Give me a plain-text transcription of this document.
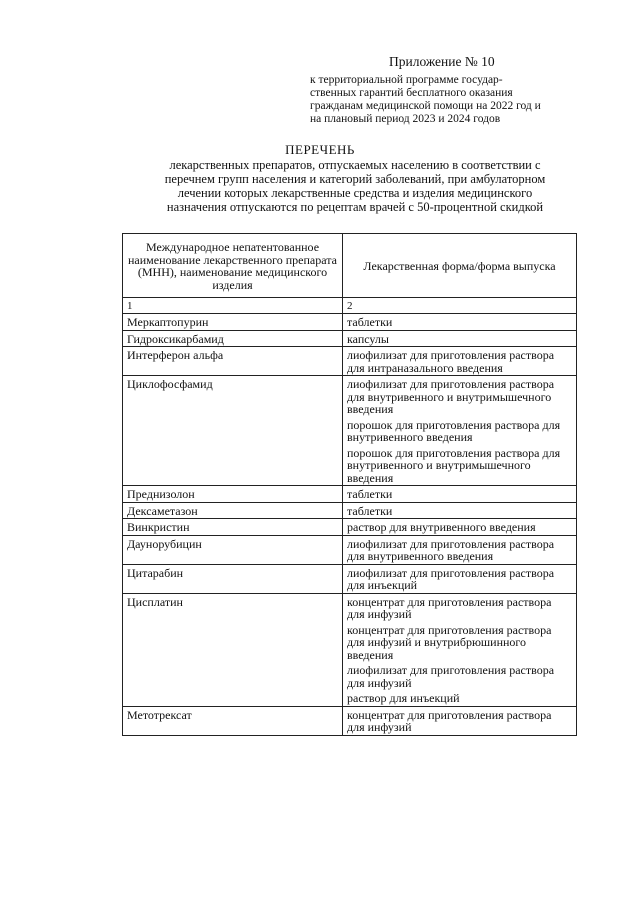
Приложение № 10
к территориальной программе государ-
ственных гарантий бесплатного оказания
гражданам медицинской помощи на 2022 год и
на плановый период 2023 и 2024 годов
ПЕРЕЧЕНЬ
лекарственных препаратов, отпускаемых населению в соответствии с
перечнем групп населения и категорий заболеваний, при амбулаторном
лечении которых лекарственные средства и изделия медицинского
назначения отпускаются по рецептам врачей с 50-процентной скидкой
Международное непатентованное наименование лекарственного препарата (МНН), наименование медицинского изделия	Лекарственная форма/форма выпуска
1	2
Меркаптопурин	таблетки

Гидроксикарбамид	капсулы

Интерферон альфа	лиофилизат для приготовления раствора для интраназального введения

Циклофосфамид	лиофилизат для приготовления раствора для внутривенного и внутримышечного введения
порошок для приготовления раствора для внутривенного введения
порошок для приготовления раствора для внутривенного и внутримышечного введения

Преднизолон	таблетки

Дексаметазон	таблетки

Винкристин	раствор для внутривенного введения

Даунорубицин	лиофилизат для приготовления раствора для внутривенного введения

Цитарабин	лиофилизат для приготовления раствора для инъекций

Цисплатин	концентрат для приготовления раствора для инфузий
концентрат для приготовления раствора для инфузий и внутрибрюшинного введения
лиофилизат для приготовления раствора для инфузий
раствор для инъекций

Метотрексат	концентрат для приготовления раствора для инфузий
